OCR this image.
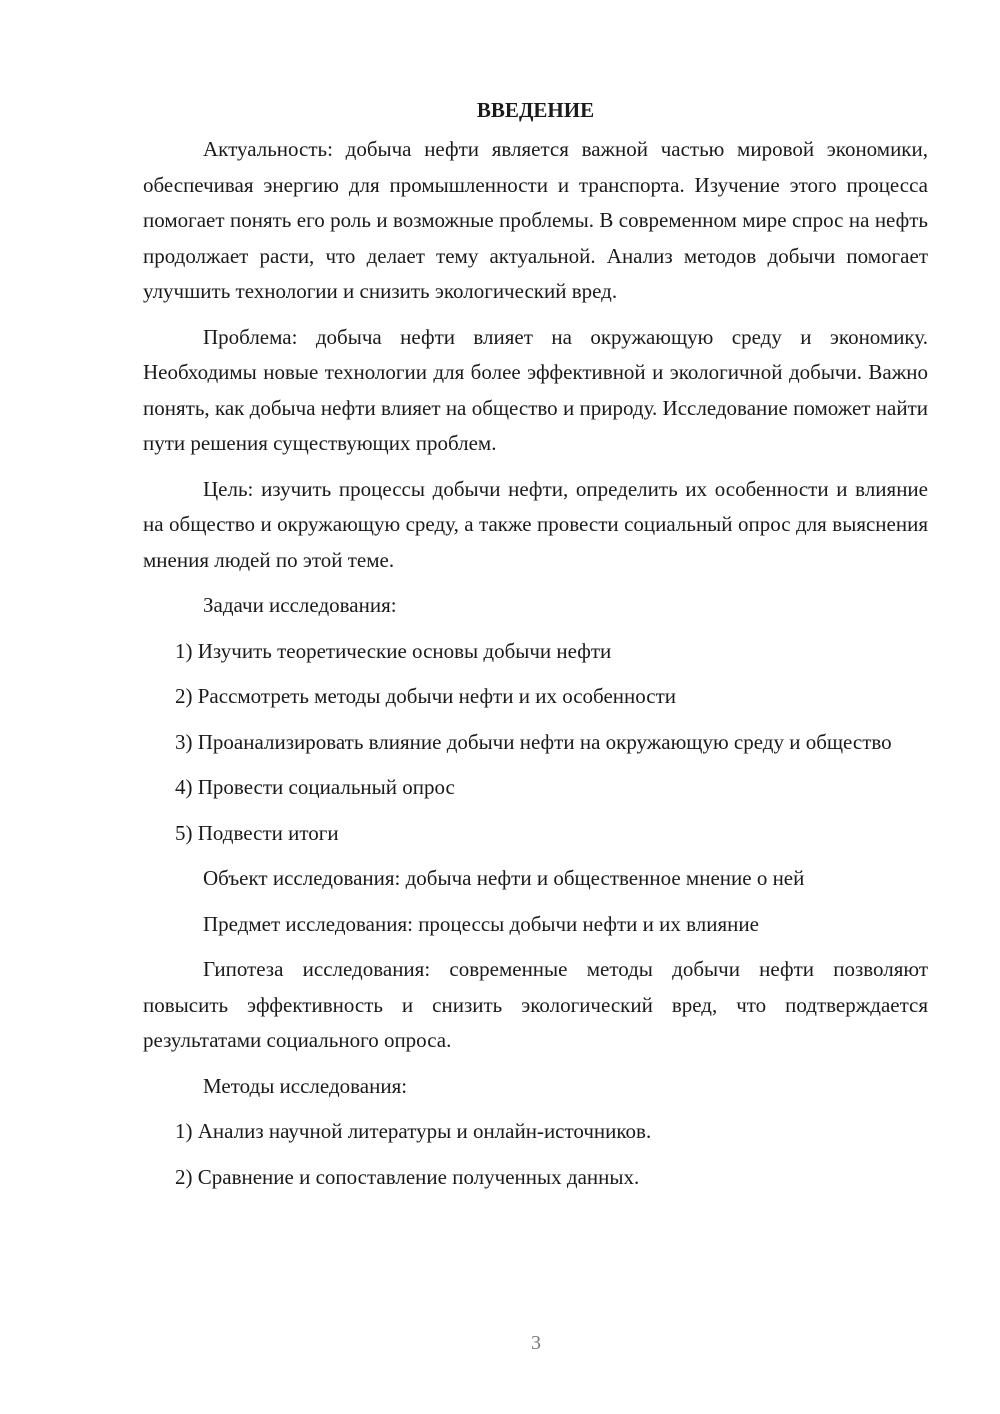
ВВЕДЕНИЕ

Актуальность: добыча нефти является важной частью мировой экономики, обеспечивая энергию для промышленности и транспорта. Изучение этого процесса помогает понять его роль и возможные проблемы. В современном мире спрос на нефть продолжает расти, что делает тему актуальной. Анализ методов добычи помогает улучшить технологии и снизить экологический вред.

Проблема: добыча нефти влияет на окружающую среду и экономику. Необходимы новые технологии для более эффективной и экологичной добычи. Важно понять, как добыча нефти влияет на общество и природу. Исследование поможет найти пути решения существующих проблем.

Цель: изучить процессы добычи нефти, определить их особенности и влияние на общество и окружающую среду, а также провести социальный опрос для выяснения мнения людей по этой теме.

Задачи исследования:

1) Изучить теоретические основы добычи нефти

2) Рассмотреть методы добычи нефти и их особенности

3) Проанализировать влияние добычи нефти на окружающую среду и общество

4) Провести социальный опрос

5) Подвести итоги

Объект исследования: добыча нефти и общественное мнение о ней

Предмет исследования: процессы добычи нефти и их влияние

Гипотеза исследования: современные методы добычи нефти позволяют повысить эффективность и снизить экологический вред, что подтверждается результатами социального опроса.

Методы исследования:

1) Анализ научной литературы и онлайн-источников.

2) Сравнение и сопоставление полученных данных.

3
